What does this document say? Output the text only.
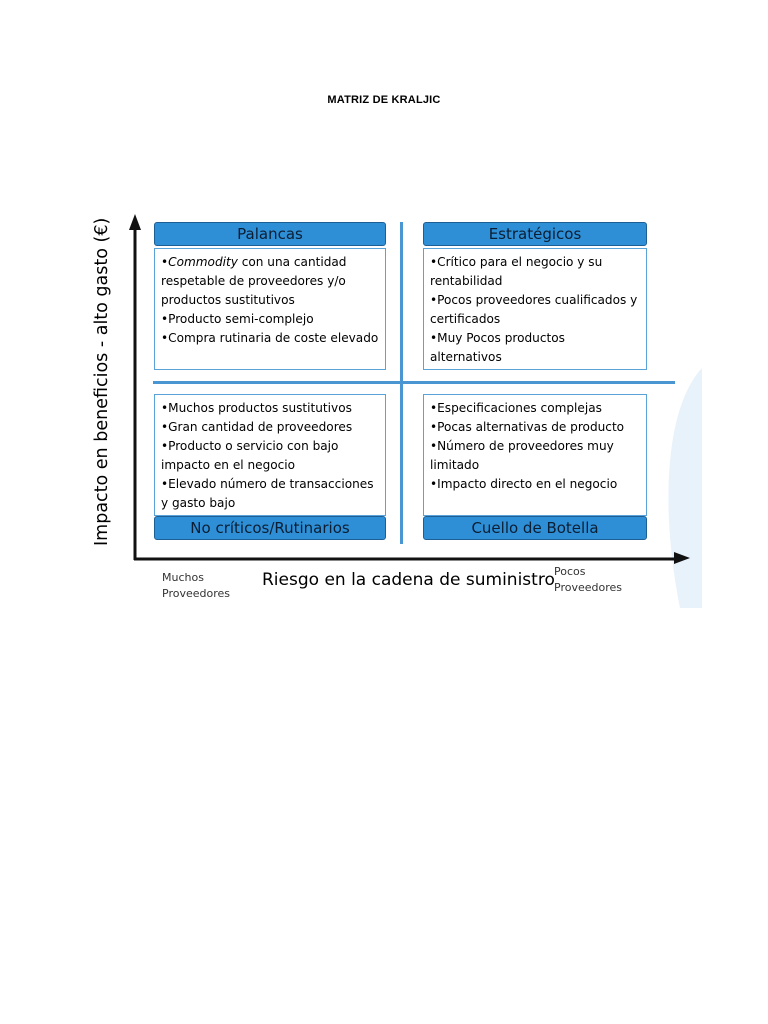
MATRIZ DE KRALJIC
Impacto en beneficios - alto gasto (€)	Palancas
• Commodity con una cantidad respetable de proveedores y/o productos sustitutivos
• Producto semi-complejo
• Compra rutinaria de coste elevado
Estratégicos
• Crítico para el negocio y su rentabilidad
• Pocos proveedores cualificados y certificados
• Muy Pocos productos alternativos
• Muchos productos sustitutivos
• Gran cantidad de proveedores
• Producto o servicio con bajo impacto en el negocio
• Elevado número de transacciones y gasto bajo
No críticos/Rutinarios
• Especificaciones complejas
• Pocas alternativas de producto
• Número de proveedores muy limitado
• Impacto directo en el negocio
Cuello de Botella
Muchos
Proveedores
Riesgo en la cadena de suministro Pocos
Proveedores
